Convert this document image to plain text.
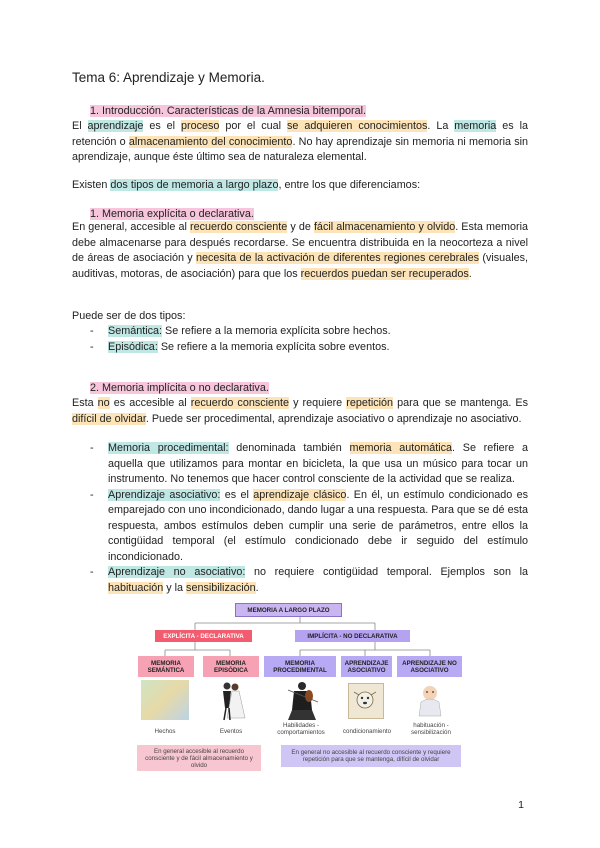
Tema 6: Aprendizaje y Memoria.
1. Introducción. Características de la Amnesia bitemporal.

El aprendizaje es el proceso por el cual se adquieren conocimientos. La memoria es la retención o almacenamiento del conocimiento. No hay aprendizaje sin memoria ni memoria sin aprendizaje, aunque éste último sea de naturaleza elemental.

Existen dos tipos de memoria a largo plazo, entre los que diferenciamos:

1. Memoria explícita o declarativa.

En general, accesible al recuerdo consciente y de fácil almacenamiento y olvido. Esta memoria debe almacenarse para después recordarse. Se encuentra distribuida en la neocorteza a nivel de áreas de asociación y necesita de la activación de diferentes regiones cerebrales (visuales, auditivas, motoras, de asociación) para que los recuerdos puedan ser recuperados.

Puede ser de dos tipos:

- Semántica: Se refiere a la memoria explícita sobre hechos.

- Episódica: Se refiere a la memoria explícita sobre eventos.

2. Memoria implícita o no declarativa.

Esta no es accesible al recuerdo consciente y requiere repetición para que se mantenga. Es difícil de olvidar. Puede ser procedimental, aprendizaje asociativo o aprendizaje no asociativo.

- Memoria procedimental: denominada también memoria automática. Se refiere a aquella que utilizamos para montar en bicicleta, la que usa un músico para tocar un instrumento. No tenemos que hacer control consciente de la actividad que se realiza.

- Aprendizaje asociativo: es el aprendizaje clásico. En él, un estímulo condicionado es emparejado con uno incondicionado, dando lugar a una respuesta. Para que se dé esta respuesta, ambos estímulos deben cumplir una serie de parámetros, entre ellos la contigüidad temporal (el estímulo condicionado debe ir seguido del estímulo incondicionado.

- Aprendizaje no asociativo: no requiere contigüidad temporal. Ejemplos son la habituación y la sensibilización.

MEMORIA A LARGO PLAZO
EXPLÍCITA - DECLARATIVA	IMPLÍCITA - NO DECLARATIVA
MEMORIA SEMÁNTICA
MEMORIA EPISÓDICA
MEMORIA PROCEDIMENTAL
APRENDIZAJE ASOCIATIVO
APRENDIZAJE NO ASOCIATIVO
Hechos	Eventos
Habilidades - comportamientos	condicionamiento
habituación - sensibilización
En general accesible al recuerdo consciente y de fácil almacenamiento y olvido
En general no accesible al recuerdo consciente y requiere repetición para que se mantenga, difícil de olvidar
1
